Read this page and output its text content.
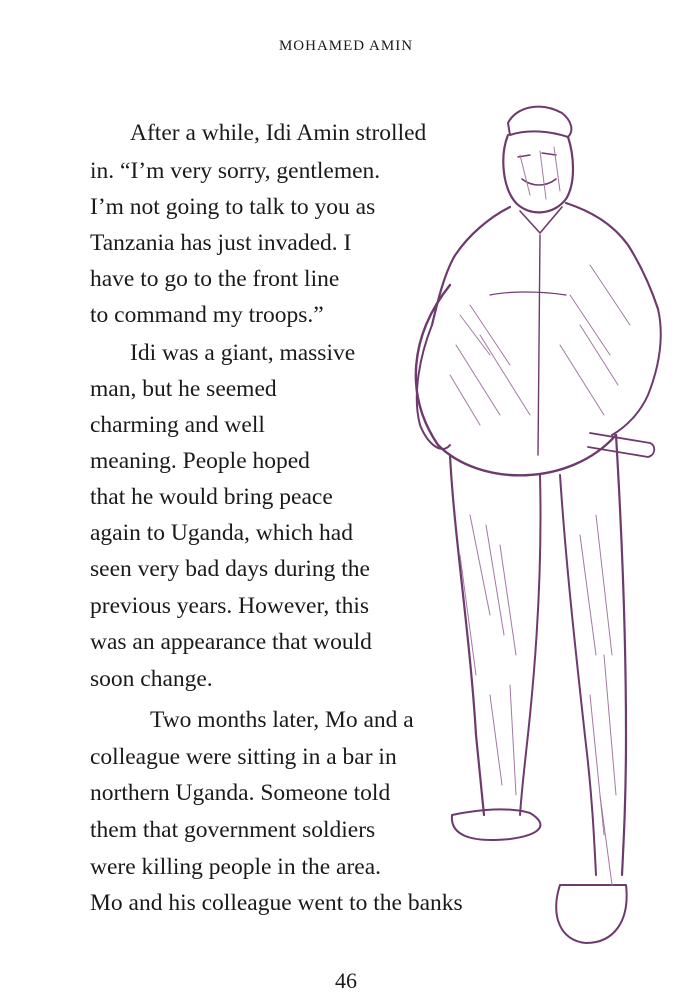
MOHAMED AMIN
After a while, Idi Amin strolled
in. “I’m very sorry, gentlemen.
I’m not going to talk to you as
Tanzania has just invaded. I
have to go to the front line
to command my troops.”
Idi was a giant, massive
man, but he seemed
charming and well
meaning. People hoped
that he would bring peace
again to Uganda, which had
seen very bad days during the
previous years. However, this
was an appearance that would
soon change.
Two months later, Mo and a
colleague were sitting in a bar in
northern Uganda. Someone told
them that government soldiers
were killing people in the area.
Mo and his colleague went to the banks
46
